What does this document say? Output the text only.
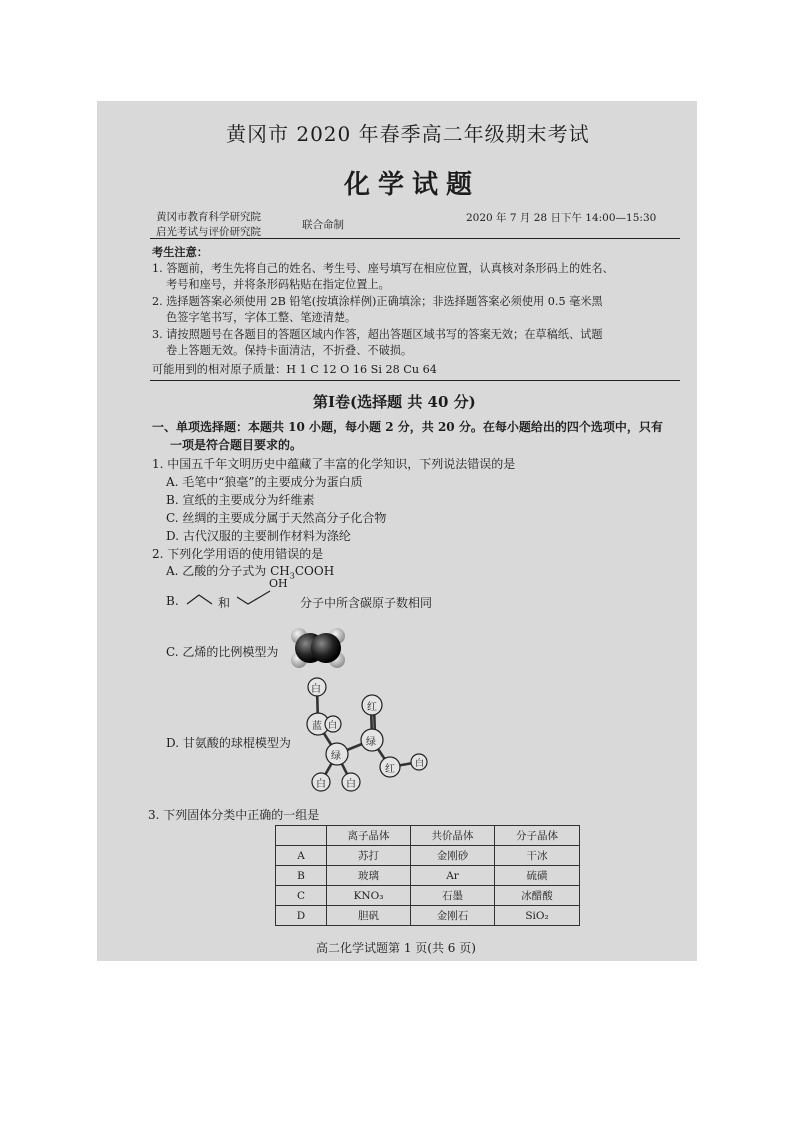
黄冈市 2020 年春季高二年级期末考试
化学试题
黄冈市教育科学研究院
启光考试与评价研究院
联合命制
2020 年 7 月 28 日下午 14:00—15:30
考生注意：
1. 答题前，考生先将自己的姓名、考生号、座号填写在相应位置，认真核对条形码上的姓名、
考号和座号，并将条形码粘贴在指定位置上。
2. 选择题答案必须使用 2B 铅笔(按填涂样例)正确填涂；非选择题答案必须使用 0.5 毫米黑
色签字笔书写，字体工整、笔迹清楚。
3. 请按照题号在各题目的答题区域内作答，超出答题区域书写的答案无效；在草稿纸、试题
卷上答题无效。保持卡面清洁，不折叠、不破损。
可能用到的相对原子质量：H 1 C 12 O 16 Si 28 Cu 64
第Ⅰ卷(选择题 共 40 分)
一、单项选择题：本题共 10 小题，每小题 2 分，共 20 分。在每小题给出的四个选项中，只有
一项是符合题目要求的。
1. 中国五千年文明历史中蕴藏了丰富的化学知识，下列说法错误的是
A. 毛笔中“狼毫”的主要成分为蛋白质
B. 宣纸的主要成分为纤维素
C. 丝绸的主要成分属于天然高分子化合物
D. 古代汉服的主要制作材料为涤纶
2. 下列化学用语的使用错误的是
A. 乙酸的分子式为 $CH_3COOH$
B.	和
OH
分子中所含碳原子数相同
C. 乙烯的比例模型为
D. 甘氨酸的球棍模型为
白
蓝 白
绿
白 白
红
绿
红 白
3. 下列固体分类中正确的一组是
	离子晶体	共价晶体	分子晶体
A	苏打	金刚砂	干冰
B	玻璃	Ar	硫磺
C	KNO₃	石墨	冰醋酸
D	胆矾	金刚石	SiO₂
高二化学试题第 1 页(共 6 页)
